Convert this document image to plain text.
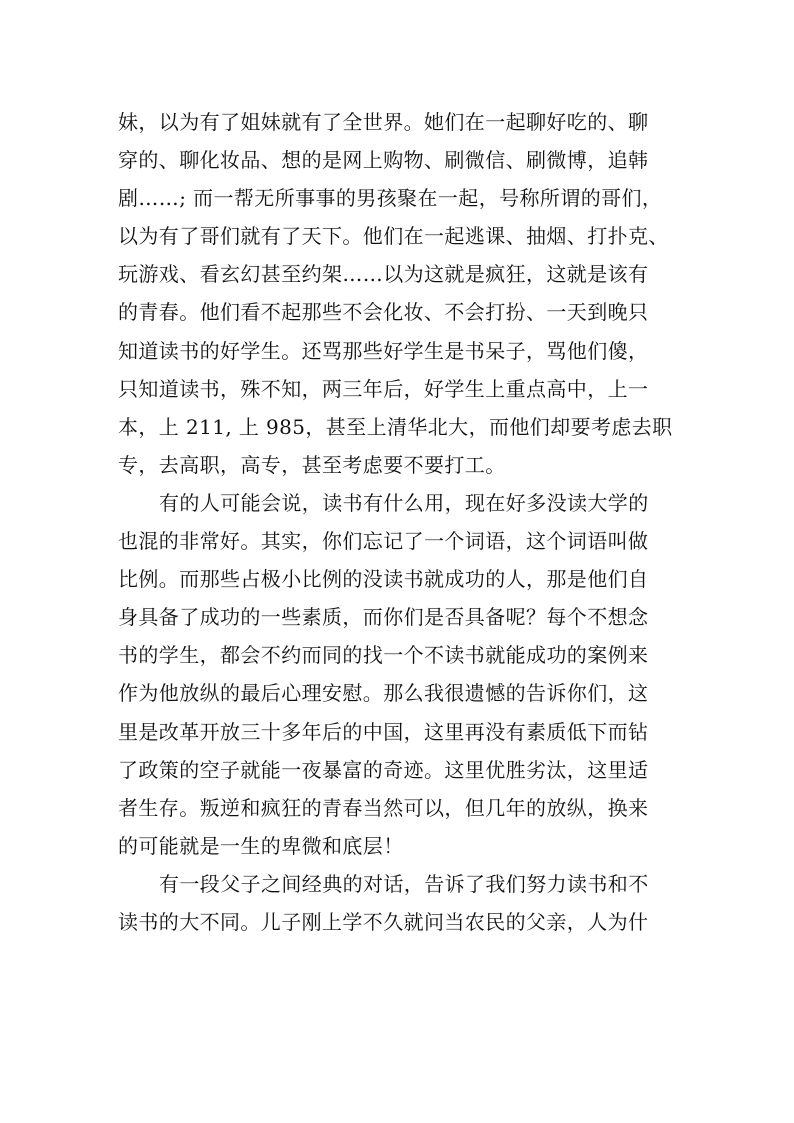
妹，以为有了姐妹就有了全世界。她们在一起聊好吃的、聊
穿的、聊化妆品、想的是网上购物、刷微信、刷微博，追韩
剧……; 而一帮无所事事的男孩聚在一起，号称所谓的哥们，
以为有了哥们就有了天下。他们在一起逃课、抽烟、打扑克、
玩游戏、看玄幻甚至约架……以为这就是疯狂，这就是该有
的青春。他们看不起那些不会化妆、不会打扮、一天到晚只
知道读书的好学生。还骂那些好学生是书呆子，骂他们傻，
只知道读书，殊不知，两三年后，好学生上重点高中，上一
本，上 211, 上 985，甚至上清华北大，而他们却要考虑去职
专，去高职，高专，甚至考虑要不要打工。
有的人可能会说，读书有什么用，现在好多没读大学的
也混的非常好。其实，你们忘记了一个词语，这个词语叫做
比例。而那些占极小比例的没读书就成功的人，那是他们自
身具备了成功的一些素质，而你们是否具备呢？每个不想念
书的学生，都会不约而同的找一个不读书就能成功的案例来
作为他放纵的最后心理安慰。那么我很遗憾的告诉你们，这
里是改革开放三十多年后的中国，这里再没有素质低下而钻
了政策的空子就能一夜暴富的奇迹。这里优胜劣汰，这里适
者生存。叛逆和疯狂的青春当然可以，但几年的放纵，换来
的可能就是一生的卑微和底层！
有一段父子之间经典的对话，告诉了我们努力读书和不
读书的大不同。儿子刚上学不久就问当农民的父亲，人为什
